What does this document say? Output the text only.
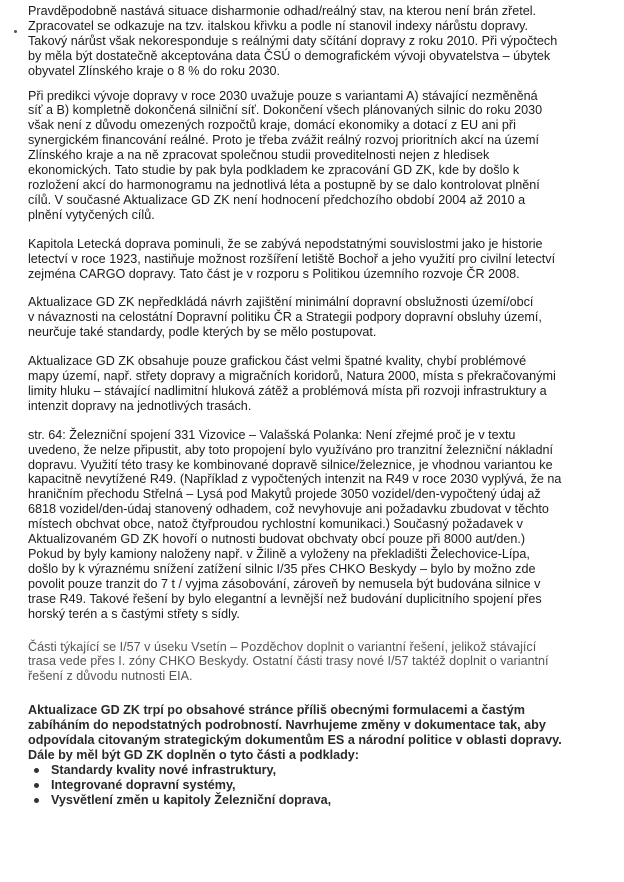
Pravděpodobně nastává situace disharmonie odhad/reálný stav, na kterou není brán zřetel.
Zpracovatel se odkazuje na tzv. italskou křivku a podle ní stanovil indexy nárůstu dopravy.
Takový nárůst však nekoresponduje s reálnými daty sčítání dopravy z roku 2010. Při výpočtech
by měla být dostatečně akceptována data ČSÚ o demografickém vývoji obyvatelstva – úbytek
obyvatel Zlínského kraje o 8 % do roku 2030.

Při predikci vývoje dopravy v roce 2030 uvažuje pouze s variantami A) stávající nezměněná
síť a B) kompletně dokončená silniční síť. Dokončení všech plánovaných silnic do roku 2030
však není z důvodu omezených rozpočtů kraje, domácí ekonomiky a dotací z EU ani při
synergickém financování reálné. Proto je třeba zvážit reálný rozvoj prioritních akcí na území
Zlínského kraje a na ně zpracovat společnou studii proveditelnosti nejen z hledisek
ekonomických. Tato studie by pak byla podkladem ke zpracování GD ZK, kde by došlo k
rozložení akcí do harmonogramu na jednotlivá léta a postupně by se dalo kontrolovat plnění
cílů. V současné Aktualizace GD ZK není hodnocení předchozího období 2004 až 2010 a
plnění vytyčených cílů.

Kapitola Letecká doprava pominuli, že se zabývá nepodstatnými souvislostmi jako je historie
letectví v roce 1923, nastiňuje možnost rozšíření letiště Bochoř a jeho využití pro civilní letectví
zejména CARGO dopravy. Tato část je v rozporu s Politikou územního rozvoje ČR 2008.

Aktualizace GD ZK nepředkládá návrh zajištění minimální dopravní obslužnosti území/obcí
v návaznosti na celostátní Dopravní politiku ČR a Strategii podpory dopravní obsluhy území,
neurčuje také standardy, podle kterých by se mělo postupovat.

Aktualizace GD ZK obsahuje pouze grafickou část velmi špatné kvality, chybí problémové
mapy území, např. střety dopravy a migračních koridorů, Natura 2000, místa s překračovanými
limity hluku – stávající nadlimitní hluková zátěž a problémová místa při rozvoji infrastruktury a
intenzit dopravy na jednotlivých trasách.

str. 64: Železniční spojení 331 Vizovice – Valašská Polanka: Není zřejmé proč je v textu
uvedeno, že nelze připustit, aby toto propojení bylo využíváno pro tranzitní železniční nákladní
dopravu. Využití této trasy ke kombinované dopravě silnice/železnice, je vhodnou variantou ke
kapacitně nevytížené R49. (Například z vypočtených intenzit na R49 v roce 2030 vyplývá, že na
hraničním přechodu Střelná – Lysá pod Makytů projede 3050 vozidel/den-vypočtený údaj až
6818 vozidel/den-údaj stanovený odhadem, což nevyhovuje ani požadavku zbudovat v těchto
místech obchvat obce, natož čtyřproudou rychlostní komunikaci.) Současný požadavek v
Aktualizovaném GD ZK hovoří o nutnosti budovat obchvaty obcí pouze při 8000 aut/den.)
Pokud by byly kamiony naloženy např. v Žilině a vyloženy na překladišti Želechovice-Lípa,
došlo by k výraznému snížení zatížení silnic I/35 přes CHKO Beskydy – bylo by možno zde
povolit pouze tranzit do 7 t / vyjma zásobování, zároveň by nemusela být budována silnice v
trase R49. Takové řešení by bylo elegantní a levnější než budování duplicitního spojení přes
horský terén a s častými střety s sídly.

Části týkající se I/57 v úseku Vsetín – Pozděchov doplnit o variantní řešení, jelikož stávající
trasa vede přes I. zóny CHKO Beskydy. Ostatní části trasy nové I/57 taktéž doplnit o variantní
řešení z důvodu nutnosti EIA.

Aktualizace GD ZK trpí po obsahové stránce příliš obecnými formulacemi a častým
zabíháním do nepodstatných podrobností. Navrhujeme změny v dokumentace tak, aby
odpovídala citovaným strategickým dokumentům ES a národní politice v oblasti dopravy.
Dále by měl být GD ZK doplněn o tyto části a podklady:

Standardy kvality nové infrastruktury,
Integrované dopravní systémy,
Vysvětlení změn u kapitoly Železniční doprava,
